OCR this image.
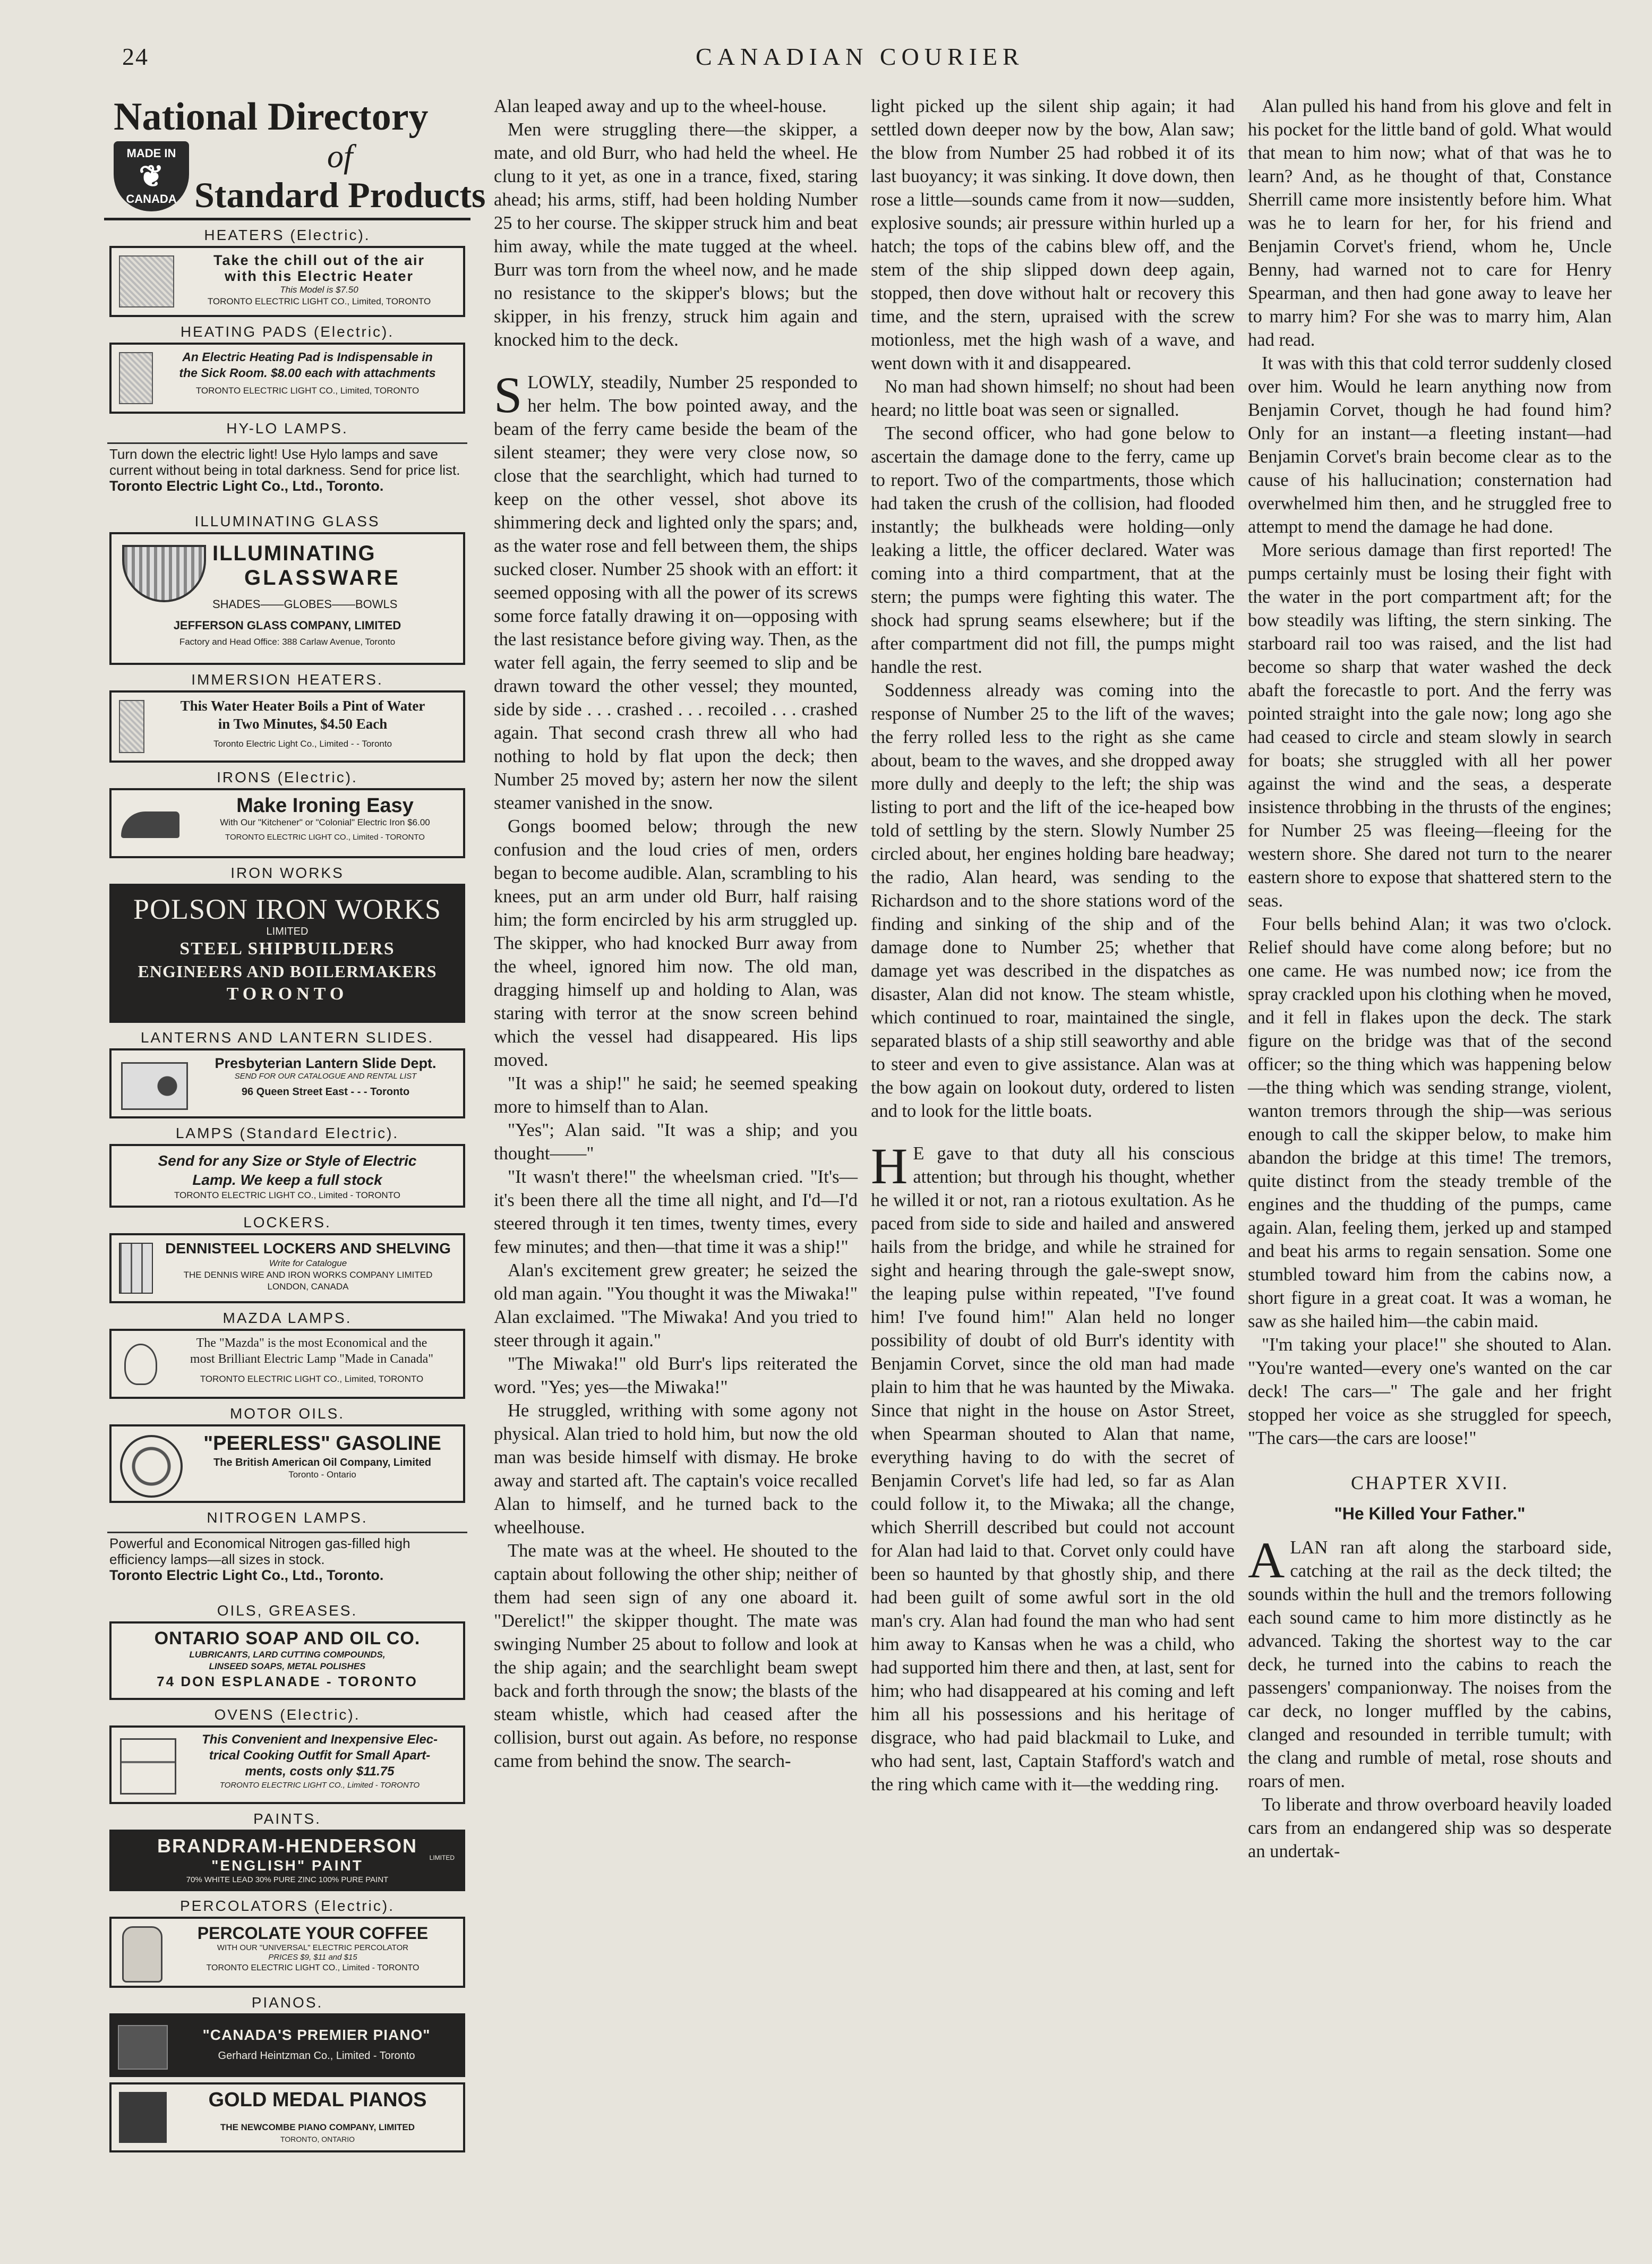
24	CANADIAN COURIER
National Directory
MADE IN
❦
CANADA
of
Standard Products
HEATERS (Electric).
Take the chill out of the air
with this Electric Heater
This Model is $7.50
TORONTO ELECTRIC LIGHT CO., Limited, TORONTO
HEATING PADS (Electric).
An Electric Heating Pad is Indispensable in
the Sick Room. $8.00 each with attachments
TORONTO ELECTRIC LIGHT CO., Limited, TORONTO
HY-LO LAMPS.
Turn down the electric light! Use Hylo lamps and save current without being in total darkness. Send for price list.
Toronto Electric Light Co., Ltd., Toronto.
ILLUMINATING GLASS
ILLUMINATING
GLASSWARE
SHADES——GLOBES——BOWLS
JEFFERSON GLASS COMPANY, LIMITED
Factory and Head Office: 388 Carlaw Avenue, Toronto
IMMERSION HEATERS.
This Water Heater Boils a Pint of Water
in Two Minutes, $4.50 Each
Toronto Electric Light Co., Limited - - Toronto
IRONS (Electric).
Make Ironing Easy
With Our "Kitchener" or "Colonial" Electric Iron $6.00
TORONTO ELECTRIC LIGHT CO., Limited - TORONTO
IRON WORKS
POLSON IRON WORKS
LIMITED
STEEL SHIPBUILDERS
ENGINEERS AND BOILERMAKERS
TORONTO
LANTERNS AND LANTERN SLIDES.
Presbyterian Lantern Slide Dept.
SEND FOR OUR CATALOGUE AND RENTAL LIST
96 Queen Street East - - - Toronto
LAMPS (Standard Electric).
Send for any Size or Style of Electric
Lamp. We keep a full stock
TORONTO ELECTRIC LIGHT CO., Limited - TORONTO
LOCKERS.
DENNISTEEL LOCKERS AND SHELVING
Write for Catalogue
THE DENNIS WIRE AND IRON WORKS COMPANY LIMITED
LONDON, CANADA
MAZDA LAMPS.
The "Mazda" is the most Economical and the
most Brilliant Electric Lamp "Made in Canada"
TORONTO ELECTRIC LIGHT CO., Limited, TORONTO
MOTOR OILS.
"PEERLESS" GASOLINE
The British American Oil Company, Limited
Toronto - Ontario
NITROGEN LAMPS.
Powerful and Economical Nitrogen gas-filled high efficiency lamps—all sizes in stock.
Toronto Electric Light Co., Ltd., Toronto.
OILS, GREASES.
ONTARIO SOAP AND OIL CO.
LUBRICANTS, LARD CUTTING COMPOUNDS,
LINSEED SOAPS, METAL POLISHES
74 DON ESPLANADE - TORONTO
OVENS (Electric).
This Convenient and Inexpensive Elec-
trical Cooking Outfit for Small Apart-
ments, costs only $11.75
TORONTO ELECTRIC LIGHT CO., Limited - TORONTO
PAINTS.
BRANDRAM-HENDERSON
LIMITED
"ENGLISH" PAINT
70% WHITE LEAD 30% PURE ZINC 100% PURE PAINT
PERCOLATORS (Electric).
PERCOLATE YOUR COFFEE
WITH OUR "UNIVERSAL" ELECTRIC PERCOLATOR
PRICES $9, $11 and $15
TORONTO ELECTRIC LIGHT CO., Limited - TORONTO
PIANOS.
"CANADA'S PREMIER PIANO"
Gerhard Heintzman Co., Limited - Toronto
GOLD MEDAL PIANOS
THE NEWCOMBE PIANO COMPANY, LIMITED
TORONTO, ONTARIO

Alan leaped away and up to the wheel-house.

Men were struggling there—the skipper, a mate, and old Burr, who had held the wheel. He clung to it yet, as one in a trance, fixed, staring ahead; his arms, stiff, had been holding Number 25 to her course. The skipper struck him and beat him away, while the mate tugged at the wheel. Burr was torn from the wheel now, and he made no resistance to the skipper's blows; but the skipper, in his frenzy, struck him again and knocked him to the deck.

SLOWLY, steadily, Number 25 responded to her helm. The bow pointed away, and the beam of the ferry came beside the beam of the silent steamer; they were very close now, so close that the searchlight, which had turned to keep on the other vessel, shot above its shimmering deck and lighted only the spars; and, as the water rose and fell between them, the ships sucked closer. Number 25 shook with an effort: it seemed opposing with all the power of its screws some force fatally drawing it on—opposing with the last resistance before giving way. Then, as the water fell again, the ferry seemed to slip and be drawn toward the other vessel; they mounted, side by side . . . crashed . . . recoiled . . . crashed again. That second crash threw all who had nothing to hold by flat upon the deck; then Number 25 moved by; astern her now the silent steamer vanished in the snow.

Gongs boomed below; through the new confusion and the loud cries of men, orders began to become audible. Alan, scrambling to his knees, put an arm under old Burr, half raising him; the form encircled by his arm struggled up. The skipper, who had knocked Burr away from the wheel, ignored him now. The old man, dragging himself up and holding to Alan, was staring with terror at the snow screen behind which the vessel had disappeared. His lips moved.

"It was a ship!" he said; he seemed speaking more to himself than to Alan.

"Yes"; Alan said. "It was a ship; and you thought——"

"It wasn't there!" the wheelsman cried. "It's—it's been there all the time all night, and I'd—I'd steered through it ten times, twenty times, every few minutes; and then—that time it was a ship!"

Alan's excitement grew greater; he seized the old man again. "You thought it was the Miwaka!" Alan exclaimed. "The Miwaka! And you tried to steer through it again."

"The Miwaka!" old Burr's lips reiterated the word. "Yes; yes—the Miwaka!"

He struggled, writhing with some agony not physical. Alan tried to hold him, but now the old man was beside himself with dismay. He broke away and started aft. The captain's voice recalled Alan to himself, and he turned back to the wheelhouse.

The mate was at the wheel. He shouted to the captain about following the other ship; neither of them had seen sign of any one aboard it. "Derelict!" the skipper thought. The mate was swinging Number 25 about to follow and look at the ship again; and the searchlight beam swept back and forth through the snow; the blasts of the steam whistle, which had ceased after the collision, burst out again. As before, no response came from behind the snow. The search-

light picked up the silent ship again; it had settled down deeper now by the bow, Alan saw; the blow from Number 25 had robbed it of its last buoyancy; it was sinking. It dove down, then rose a little—sounds came from it now—sudden, explosive sounds; air pressure within hurled up a hatch; the tops of the cabins blew off, and the stem of the ship slipped down deep again, stopped, then dove without halt or recovery this time, and the stern, upraised with the screw motionless, met the high wash of a wave, and went down with it and disappeared.

No man had shown himself; no shout had been heard; no little boat was seen or signalled.

The second officer, who had gone below to ascertain the damage done to the ferry, came up to report. Two of the compartments, those which had taken the crush of the collision, had flooded instantly; the bulkheads were holding—only leaking a little, the officer declared. Water was coming into a third compartment, that at the stern; the pumps were fighting this water. The shock had sprung seams elsewhere; but if the after compartment did not fill, the pumps might handle the rest.

Soddenness already was coming into the response of Number 25 to the lift of the waves; the ferry rolled less to the right as she came about, beam to the waves, and she dropped away more dully and deeply to the left; the ship was listing to port and the lift of the ice-heaped bow told of settling by the stern. Slowly Number 25 circled about, her engines holding bare headway; the radio, Alan heard, was sending to the Richardson and to the shore stations word of the finding and sinking of the ship and of the damage done to Number 25; whether that damage yet was described in the dispatches as disaster, Alan did not know. The steam whistle, which continued to roar, maintained the single, separated blasts of a ship still seaworthy and able to steer and even to give assistance. Alan was at the bow again on lookout duty, ordered to listen and to look for the little boats.

H E gave to that duty all his conscious attention; but through his thought, whether he willed it or not, ran a riotous exultation. As he paced from side to side and hailed and answered hails from the bridge, and while he strained for sight and hearing through the gale-swept snow, the leaping pulse within repeated, "I've found him! I've found him!" Alan held no longer possibility of doubt of old Burr's identity with Benjamin Corvet, since the old man had made plain to him that he was haunted by the Miwaka. Since that night in the house on Astor Street, when Spearman shouted to Alan that name, everything having to do with the secret of Benjamin Corvet's life had led, so far as Alan could follow it, to the Miwaka; all the change, which Sherrill described but could not account for Alan had laid to that. Corvet only could have been so haunted by that ghostly ship, and there had been guilt of some awful sort in the old man's cry. Alan had found the man who had sent him away to Kansas when he was a child, who had supported him there and then, at last, sent for him; who had disappeared at his coming and left him all his possessions and his heritage of disgrace, who had paid blackmail to Luke, and who had sent, last, Captain Stafford's watch and the ring which came with it—the wedding ring.

Alan pulled his hand from his glove and felt in his pocket for the little band of gold. What would that mean to him now; what of that was he to learn? And, as he thought of that, Constance Sherrill came more insistently before him. What was he to learn for her, for his friend and Benjamin Corvet's friend, whom he, Uncle Benny, had warned not to care for Henry Spearman, and then had gone away to leave her to marry him? For she was to marry him, Alan had read.

It was with this that cold terror suddenly closed over him. Would he learn anything now from Benjamin Corvet, though he had found him? Only for an instant—a fleeting instant—had Benjamin Corvet's brain become clear as to the cause of his hallucination; consternation had overwhelmed him then, and he struggled free to attempt to mend the damage he had done.

More serious damage than first reported! The pumps certainly must be losing their fight with the water in the port compartment aft; for the bow steadily was lifting, the stern sinking. The starboard rail too was raised, and the list had become so sharp that water washed the deck abaft the forecastle to port. And the ferry was pointed straight into the gale now; long ago she had ceased to circle and steam slowly in search for boats; she struggled with all her power against the wind and the seas, a desperate insistence throbbing in the thrusts of the engines; for Number 25 was fleeing—fleeing for the western shore. She dared not turn to the nearer eastern shore to expose that shattered stern to the seas.

Four bells behind Alan; it was two o'clock. Relief should have come along before; but no one came. He was numbed now; ice from the spray crackled upon his clothing when he moved, and it fell in flakes upon the deck. The stark figure on the bridge was that of the second officer; so the thing which was happening below—the thing which was sending strange, violent, wanton tremors through the ship—was serious enough to call the skipper below, to make him abandon the bridge at this time! The tremors, quite distinct from the steady tremble of the engines and the thudding of the pumps, came again. Alan, feeling them, jerked up and stamped and beat his arms to regain sensation. Some one stumbled toward him from the cabins now, a short figure in a great coat. It was a woman, he saw as she hailed him—the cabin maid.

"I'm taking your place!" she shouted to Alan. "You're wanted—every one's wanted on the car deck! The cars—" The gale and her fright stopped her voice as she struggled for speech, "The cars—the cars are loose!"

CHAPTER XVII.
"He Killed Your Father."

ALAN ran aft along the starboard side, catching at the rail as the deck tilted; the sounds within the hull and the tremors following each sound came to him more distinctly as he advanced. Taking the shortest way to the car deck, he turned into the cabins to reach the passengers' companionway. The noises from the car deck, no longer muffled by the cabins, clanged and resounded in terrible tumult; with the clang and rumble of metal, rose shouts and roars of men.

To liberate and throw overboard heavily loaded cars from an endangered ship was so desperate an undertak-
